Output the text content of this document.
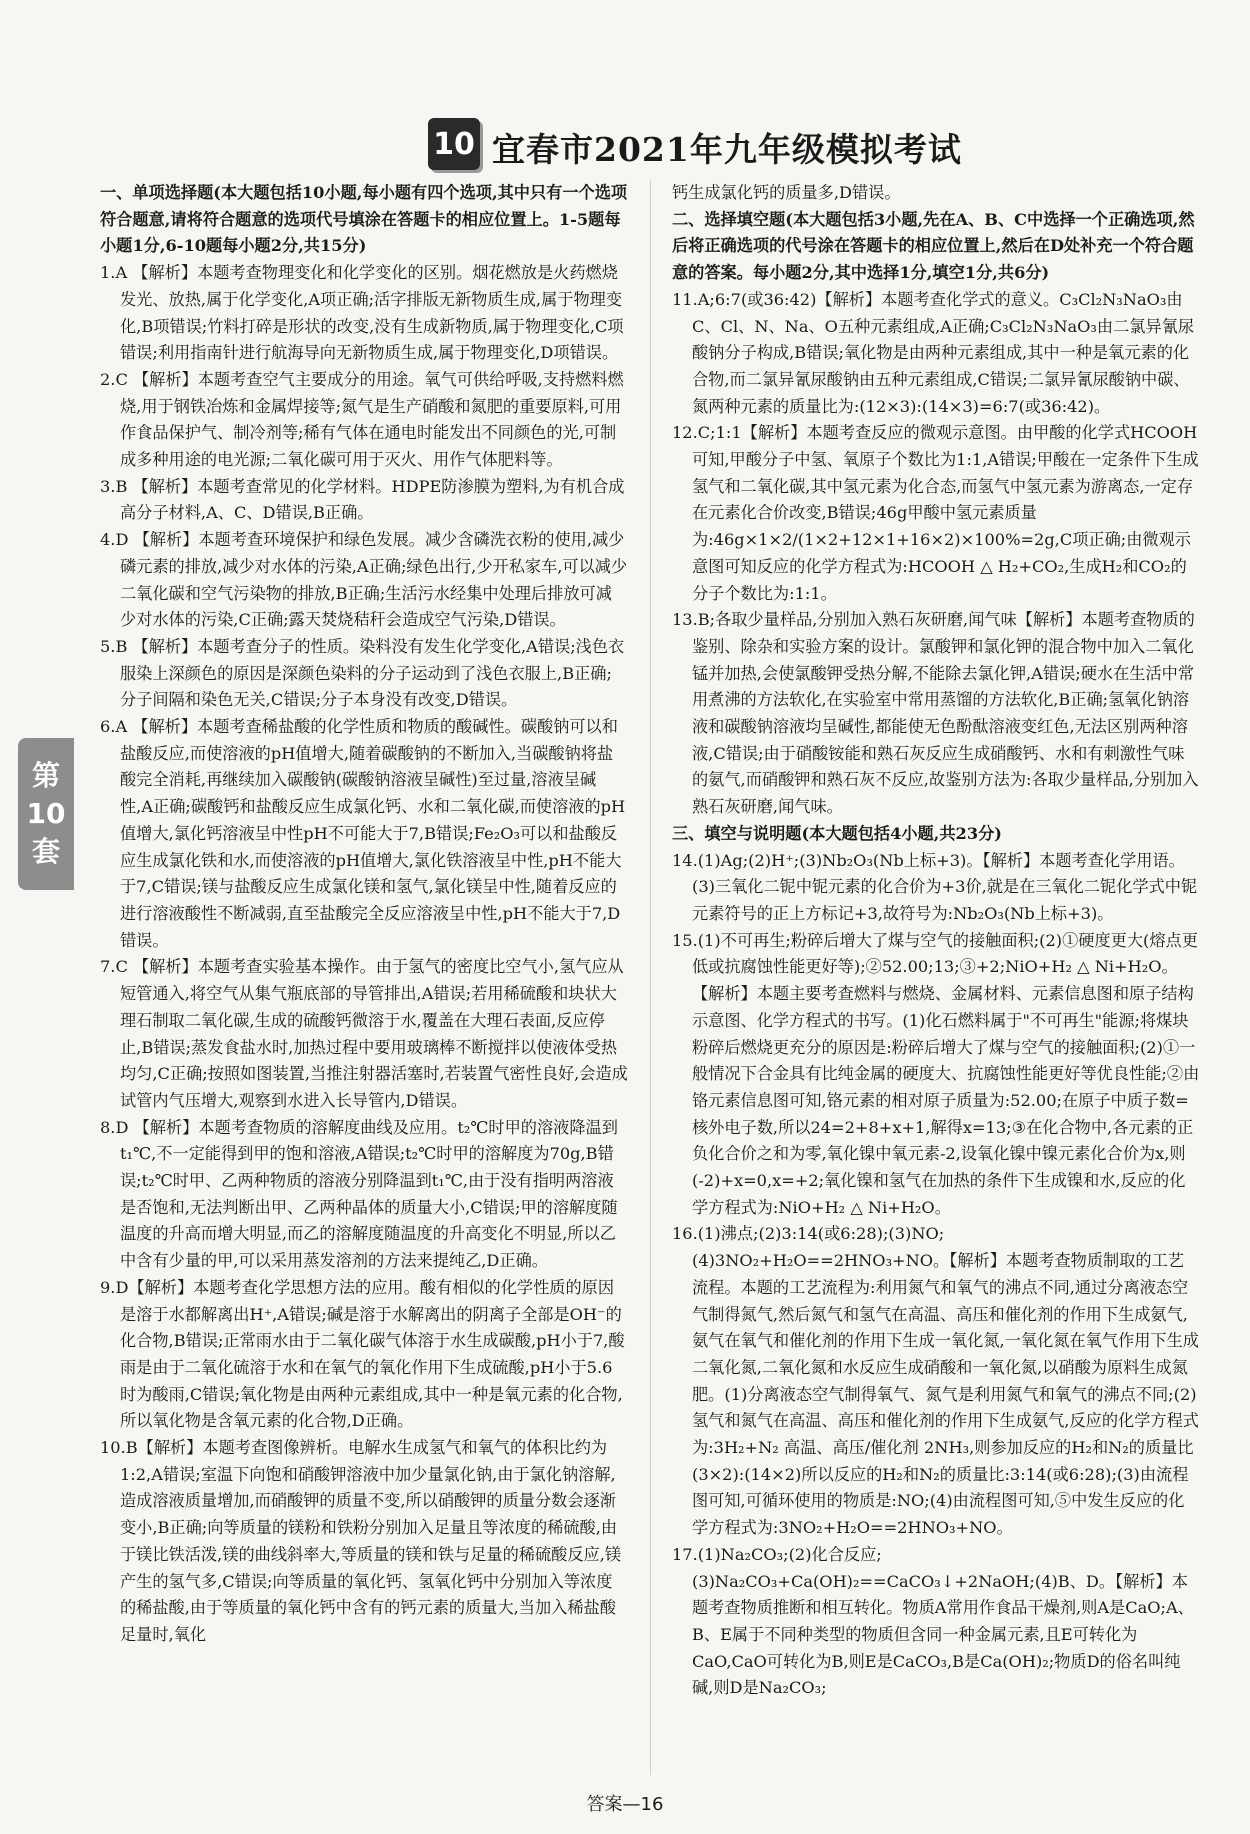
10 宜春市2021年九年级模拟考试
第
10
套

一、单项选择题(本大题包括10小题,每小题有四个选项,其中只有一个选项符合题意,请将符合题意的选项代号填涂在答题卡的相应位置上。1-5题每小题1分,6-10题每小题2分,共15分)

1.A 【解析】本题考查物理变化和化学变化的区别。烟花燃放是火药燃烧发光、放热,属于化学变化,A项正确;活字排版无新物质生成,属于物理变化,B项错误;竹料打碎是形状的改变,没有生成新物质,属于物理变化,C项错误;利用指南针进行航海导向无新物质生成,属于物理变化,D项错误。

2.C 【解析】本题考查空气主要成分的用途。氧气可供给呼吸,支持燃料燃烧,用于钢铁冶炼和金属焊接等;氮气是生产硝酸和氮肥的重要原料,可用作食品保护气、制冷剂等;稀有气体在通电时能发出不同颜色的光,可制成多种用途的电光源;二氧化碳可用于灭火、用作气体肥料等。

3.B 【解析】本题考查常见的化学材料。HDPE防渗膜为塑料,为有机合成高分子材料,A、C、D错误,B正确。

4.D 【解析】本题考查环境保护和绿色发展。减少含磷洗衣粉的使用,减少磷元素的排放,减少对水体的污染,A正确;绿色出行,少开私家车,可以减少二氧化碳和空气污染物的排放,B正确;生活污水经集中处理后排放可减少对水体的污染,C正确;露天焚烧秸秆会造成空气污染,D错误。

5.B 【解析】本题考查分子的性质。染料没有发生化学变化,A错误;浅色衣服染上深颜色的原因是深颜色染料的分子运动到了浅色衣服上,B正确;分子间隔和染色无关,C错误;分子本身没有改变,D错误。

6.A 【解析】本题考查稀盐酸的化学性质和物质的酸碱性。碳酸钠可以和盐酸反应,而使溶液的pH值增大,随着碳酸钠的不断加入,当碳酸钠将盐酸完全消耗,再继续加入碳酸钠(碳酸钠溶液呈碱性)至过量,溶液呈碱性,A正确;碳酸钙和盐酸反应生成氯化钙、水和二氧化碳,而使溶液的pH值增大,氯化钙溶液呈中性pH不可能大于7,B错误;Fe₂O₃可以和盐酸反应生成氯化铁和水,而使溶液的pH值增大,氯化铁溶液呈中性,pH不能大于7,C错误;镁与盐酸反应生成氯化镁和氢气,氯化镁呈中性,随着反应的进行溶液酸性不断减弱,直至盐酸完全反应溶液呈中性,pH不能大于7,D错误。

7.C 【解析】本题考查实验基本操作。由于氢气的密度比空气小,氢气应从短管通入,将空气从集气瓶底部的导管排出,A错误;若用稀硫酸和块状大理石制取二氧化碳,生成的硫酸钙微溶于水,覆盖在大理石表面,反应停止,B错误;蒸发食盐水时,加热过程中要用玻璃棒不断搅拌以使液体受热均匀,C正确;按照如图装置,当推注射器活塞时,若装置气密性良好,会造成试管内气压增大,观察到水进入长导管内,D错误。

8.D 【解析】本题考查物质的溶解度曲线及应用。t₂℃时甲的溶液降温到t₁℃,不一定能得到甲的饱和溶液,A错误;t₂℃时甲的溶解度为70g,B错误;t₂℃时甲、乙两种物质的溶液分别降温到t₁℃,由于没有指明两溶液是否饱和,无法判断出甲、乙两种晶体的质量大小,C错误;甲的溶解度随温度的升高而增大明显,而乙的溶解度随温度的升高变化不明显,所以乙中含有少量的甲,可以采用蒸发溶剂的方法来提纯乙,D正确。

9.D【解析】本题考查化学思想方法的应用。酸有相似的化学性质的原因是溶于水都解离出H⁺,A错误;碱是溶于水解离出的阴离子全部是OH⁻的化合物,B错误;正常雨水由于二氧化碳气体溶于水生成碳酸,pH小于7,酸雨是由于二氧化硫溶于水和在氧气的氧化作用下生成硫酸,pH小于5.6时为酸雨,C错误;氧化物是由两种元素组成,其中一种是氧元素的化合物,所以氧化物是含氧元素的化合物,D正确。

10.B【解析】本题考查图像辨析。电解水生成氢气和氧气的体积比约为1:2,A错误;室温下向饱和硝酸钾溶液中加少量氯化钠,由于氯化钠溶解,造成溶液质量增加,而硝酸钾的质量不变,所以硝酸钾的质量分数会逐渐变小,B正确;向等质量的镁粉和铁粉分别加入足量且等浓度的稀硫酸,由于镁比铁活泼,镁的曲线斜率大,等质量的镁和铁与足量的稀硫酸反应,镁产生的氢气多,C错误;向等质量的氧化钙、氢氧化钙中分别加入等浓度的稀盐酸,由于等质量的氧化钙中含有的钙元素的质量大,当加入稀盐酸足量时,氧化

钙生成氯化钙的质量多,D错误。

二、选择填空题(本大题包括3小题,先在A、B、C中选择一个正确选项,然后将正确选项的代号涂在答题卡的相应位置上,然后在D处补充一个符合题意的答案。每小题2分,其中选择1分,填空1分,共6分)

11.A;6:7(或36:42)【解析】本题考查化学式的意义。C₃Cl₂N₃NaO₃由C、Cl、N、Na、O五种元素组成,A正确;C₃Cl₂N₃NaO₃由二氯异氰尿酸钠分子构成,B错误;氧化物是由两种元素组成,其中一种是氧元素的化合物,而二氯异氰尿酸钠由五种元素组成,C错误;二氯异氰尿酸钠中碳、氮两种元素的质量比为:(12×3):(14×3)=6:7(或36:42)。

12.C;1:1【解析】本题考查反应的微观示意图。由甲酸的化学式HCOOH可知,甲酸分子中氢、氧原子个数比为1:1,A错误;甲酸在一定条件下生成氢气和二氧化碳,其中氢元素为化合态,而氢气中氢元素为游离态,一定存在元素化合价改变,B错误;46g甲酸中氢元素质量为:46g×1×2/(1×2+12×1+16×2)×100%=2g,C项正确;由微观示意图可知反应的化学方程式为:HCOOH △ H₂+CO₂,生成H₂和CO₂的分子个数比为:1:1。

13.B;各取少量样品,分别加入熟石灰研磨,闻气味【解析】本题考查物质的鉴别、除杂和实验方案的设计。氯酸钾和氯化钾的混合物中加入二氧化锰并加热,会使氯酸钾受热分解,不能除去氯化钾,A错误;硬水在生活中常用煮沸的方法软化,在实验室中常用蒸馏的方法软化,B正确;氢氧化钠溶液和碳酸钠溶液均呈碱性,都能使无色酚酞溶液变红色,无法区别两种溶液,C错误;由于硝酸铵能和熟石灰反应生成硝酸钙、水和有刺激性气味的氨气,而硝酸钾和熟石灰不反应,故鉴别方法为:各取少量样品,分别加入熟石灰研磨,闻气味。

三、填空与说明题(本大题包括4小题,共23分)

14.(1)Ag;(2)H⁺;(3)Nb₂O₃(Nb上标+3)。【解析】本题考查化学用语。(3)三氧化二铌中铌元素的化合价为+3价,就是在三氧化二铌化学式中铌元素符号的正上方标记+3,故符号为:Nb₂O₃(Nb上标+3)。

15.(1)不可再生;粉碎后增大了煤与空气的接触面积;(2)①硬度更大(熔点更低或抗腐蚀性能更好等);②52.00;13;③+2;NiO+H₂ △ Ni+H₂O。【解析】本题主要考查燃料与燃烧、金属材料、元素信息图和原子结构示意图、化学方程式的书写。(1)化石燃料属于"不可再生"能源;将煤块粉碎后燃烧更充分的原因是:粉碎后增大了煤与空气的接触面积;(2)①一般情况下合金具有比纯金属的硬度大、抗腐蚀性能更好等优良性能;②由铬元素信息图可知,铬元素的相对原子质量为:52.00;在原子中质子数=核外电子数,所以24=2+8+x+1,解得x=13;③在化合物中,各元素的正负化合价之和为零,氧化镍中氧元素-2,设氧化镍中镍元素化合价为x,则(-2)+x=0,x=+2;氧化镍和氢气在加热的条件下生成镍和水,反应的化学方程式为:NiO+H₂ △ Ni+H₂O。

16.(1)沸点;(2)3:14(或6:28);(3)NO;(4)3NO₂+H₂O==2HNO₃+NO。【解析】本题考查物质制取的工艺流程。本题的工艺流程为:利用氮气和氧气的沸点不同,通过分离液态空气制得氮气,然后氮气和氢气在高温、高压和催化剂的作用下生成氨气,氨气在氧气和催化剂的作用下生成一氧化氮,一氧化氮在氧气作用下生成二氧化氮,二氧化氮和水反应生成硝酸和一氧化氮,以硝酸为原料生成氮肥。(1)分离液态空气制得氧气、氮气是利用氮气和氧气的沸点不同;(2)氢气和氮气在高温、高压和催化剂的作用下生成氨气,反应的化学方程式为:3H₂+N₂ 高温、高压/催化剂 2NH₃,则参加反应的H₂和N₂的质量比(3×2):(14×2)所以反应的H₂和N₂的质量比:3:14(或6:28);(3)由流程图可知,可循环使用的物质是:NO;(4)由流程图可知,⑤中发生反应的化学方程式为:3NO₂+H₂O==2HNO₃+NO。

17.(1)Na₂CO₃;(2)化合反应;(3)Na₂CO₃+Ca(OH)₂==CaCO₃↓+2NaOH;(4)B、D。【解析】本题考查物质推断和相互转化。物质A常用作食品干燥剂,则A是CaO;A、B、E属于不同种类型的物质但含同一种金属元素,且E可转化为CaO,CaO可转化为B,则E是CaCO₃,B是Ca(OH)₂;物质D的俗名叫纯碱,则D是Na₂CO₃;

答案—16
